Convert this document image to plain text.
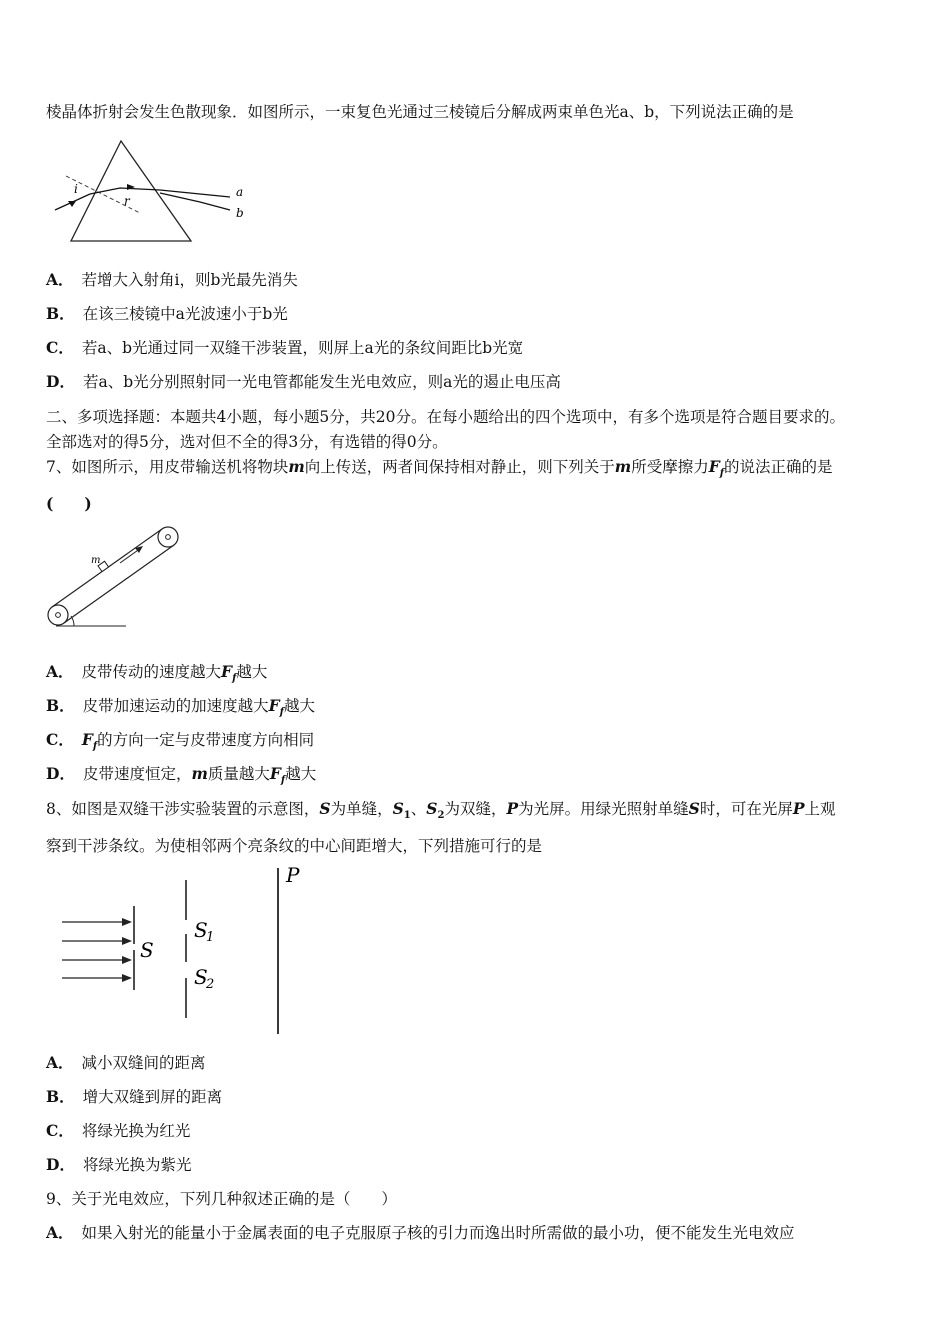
棱晶体折射会发生色散现象．如图所示，一束复色光通过三棱镜后分解成两束单色光a、b，下列说法正确的是
i
r
a
b
A． 若增大入射角i，则b光最先消失
B． 在该三棱镜中a光波速小于b光
C． 若a、b光通过同一双缝干涉装置，则屏上a光的条纹间距比b光宽
D． 若a、b光分别照射同一光电管都能发生光电效应，则a光的遏止电压高
二、多项选择题：本题共4小题，每小题5分，共20分。在每小题给出的四个选项中，有多个选项是符合题目要求的。
全部选对的得5分，选对但不全的得3分，有选错的得0分。
7、如图所示，用皮带输送机将物块m向上传送，两者间保持相对静止，则下列关于m所受摩擦力$F_f$的说法正确的是
(　　)
m
A． 皮带传动的速度越大$F_f$越大
B． 皮带加速运动的加速度越大$F_f$越大
C． $F_f$的方向一定与皮带速度方向相同
D． 皮带速度恒定，m质量越大$F_f$越大
8、如图是双缝干涉实验装置的示意图，S为单缝，$S_1$、$S_2$为双缝，P为光屏。用绿光照射单缝S时，可在光屏P上观
察到干涉条纹。为使相邻两个亮条纹的中心间距增大，下列措施可行的是
S
S
1
S
2
P
A． 减小双缝间的距离
B． 增大双缝到屏的距离
C． 将绿光换为红光
D． 将绿光换为紫光
9、关于光电效应，下列几种叙述正确的是（　　）
A． 如果入射光的能量小于金属表面的电子克服原子核的引力而逸出时所需做的最小功，便不能发生光电效应
